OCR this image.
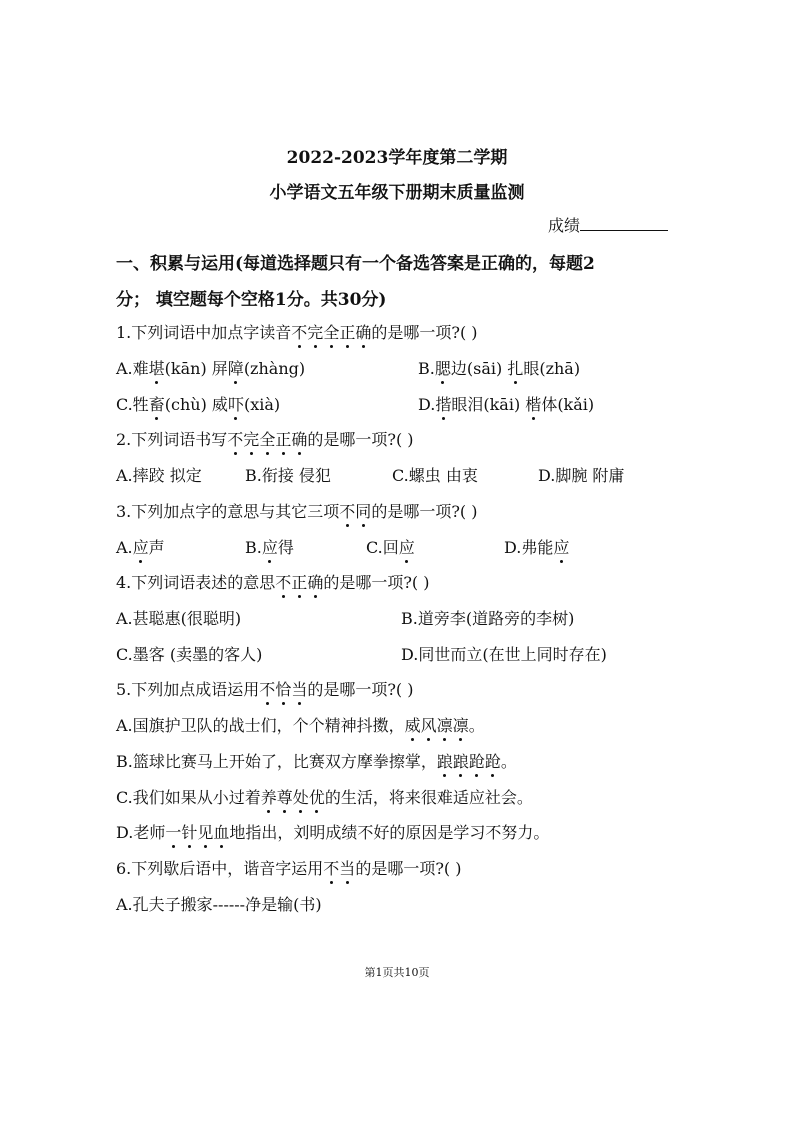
2022-2023学年度第二学期
小学语文五年级下册期末质量监测
成绩
一、积累与运用(每道选择题只有一个备选答案是正确的，每题2
分； 填空题每个空格1分。共30分)
1.下列词语中加点字读音不完全正确的是哪一项?( )
A.难堪(kān) 屏障(zhàng)	B.腮边(sāi) 扎眼(zhā)
C.牲畜(chù) 威吓(xià)	D.揩眼泪(kāi) 楷体(kǎi)
2.下列词语书写不完全正确的是哪一项?( )
A.摔跤 拟定	B.衔接 侵犯	C.螺虫 由衷	D.脚腕 附庸
3.下列加点字的意思与其它三项不同的是哪一项?( )
A.应声	B.应得	C.回应	D.弗能应
4.下列词语表述的意思不正确的是哪一项?( )
A.甚聪惠(很聪明)	B.道旁李(道路旁的李树)
C.墨客 (卖墨的客人)	D.同世而立(在世上同时存在)
5.下列加点成语运用不恰当的是哪一项?( )
A.国旗护卫队的战士们，个个精神抖擞，威风凛凛。
B.篮球比赛马上开始了，比赛双方摩拳擦掌，踉踉跄跄。
C.我们如果从小过着养尊处优的生活，将来很难适应社会。
D.老师一针见血地指出，刘明成绩不好的原因是学习不努力。
6.下列歇后语中，谐音字运用不当的是哪一项?( )
A.孔夫子搬家------净是输(书)
第1页共10页
